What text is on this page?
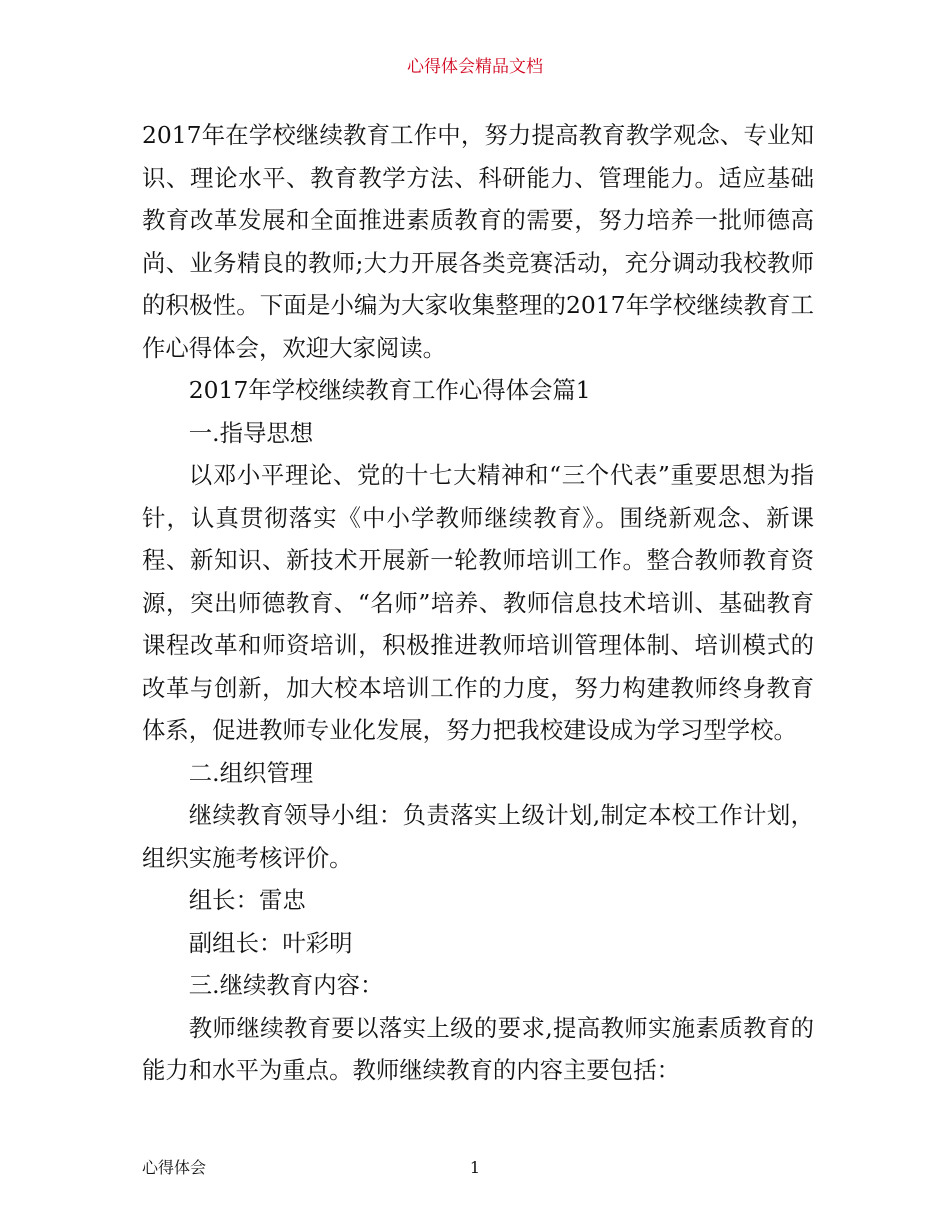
心得体会精品文档

2017年在学校继续教育工作中，努力提高教育教学观念、专业知识、理论水平、教育教学方法、科研能力、管理能力。适应基础教育改革发展和全面推进素质教育的需要，努力培养一批师德高尚、业务精良的教师;大力开展各类竞赛活动，充分调动我校教师的积极性。下面是小编为大家收集整理的2017年学校继续教育工作心得体会，欢迎大家阅读。

2017年学校继续教育工作心得体会篇1

一.指导思想

以邓小平理论、党的十七大精神和“三个代表”重要思想为指针，认真贯彻落实《中小学教师继续教育》。围绕新观念、新课程、新知识、新技术开展新一轮教师培训工作。整合教师教育资源，突出师德教育、“名师”培养、教师信息技术培训、基础教育课程改革和师资培训，积极推进教师培训管理体制、培训模式的改革与创新，加大校本培训工作的力度，努力构建教师终身教育体系，促进教师专业化发展，努力把我校建设成为学习型学校。

二.组织管理

继续教育领导小组：负责落实上级计划,制定本校工作计划，组织实施考核评价。

组长：雷忠

副组长：叶彩明

三.继续教育内容：

教师继续教育要以落实上级的要求,提高教师实施素质教育的能力和水平为重点。教师继续教育的内容主要包括：

心得体会	1
